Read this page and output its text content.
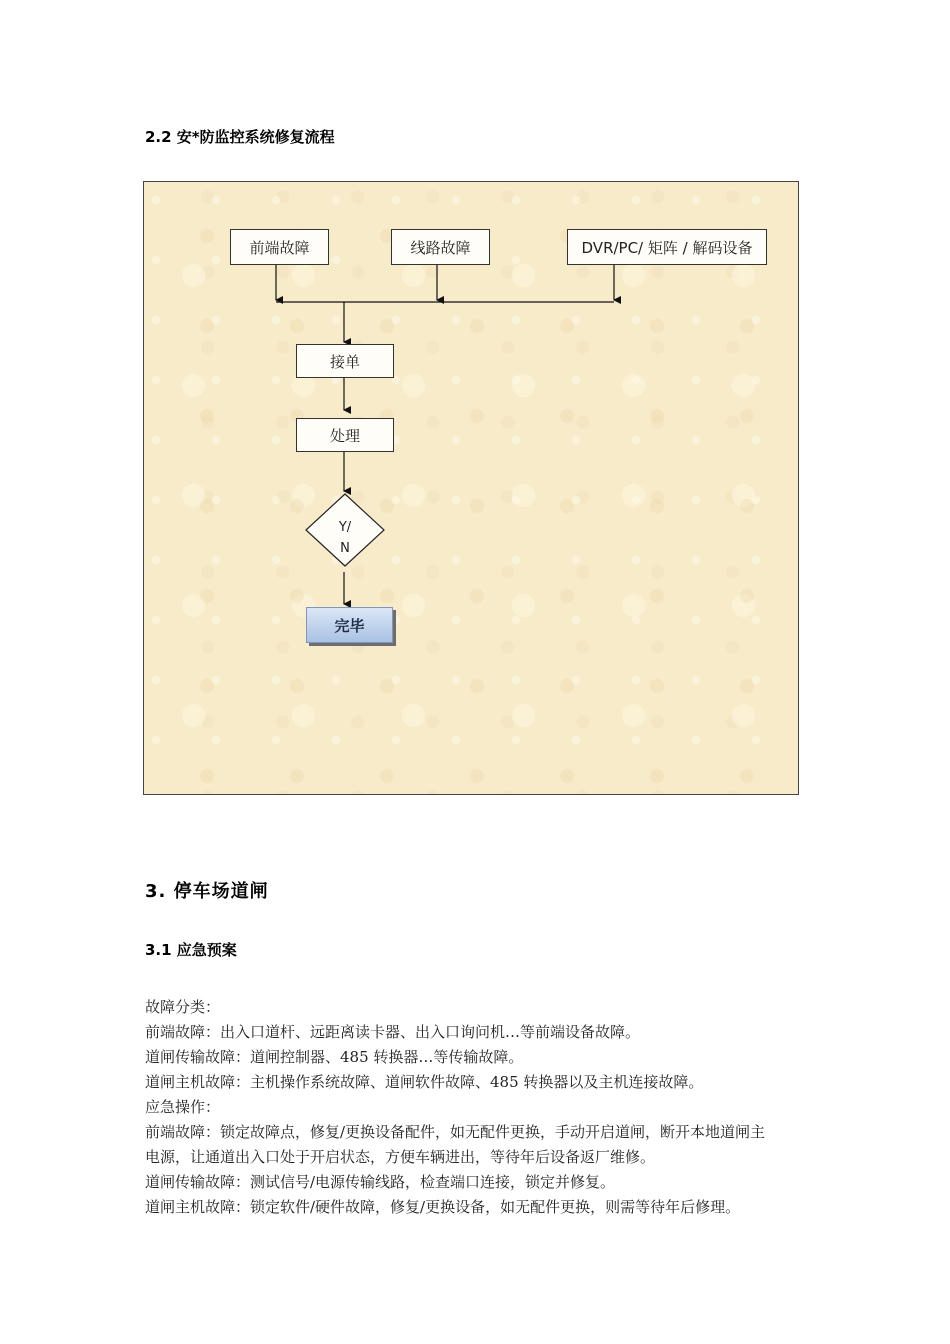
2.2 安*防监控系统修复流程
前端故障	线路故障	DVR/PC/ 矩阵 / 解码设备
接单
处理
Y/
N
完毕
3. 停车场道闸
3.1 应急预案
故障分类：
前端故障：出入口道杆、远距离读卡器、出入口询问机…等前端设备故障。
道闸传输故障：道闸控制器、485 转换器…等传输故障。
道闸主机故障：主机操作系统故障、道闸软件故障、485 转换器以及主机连接故障。
应急操作：
前端故障：锁定故障点，修复/更换设备配件，如无配件更换，手动开启道闸，断开本地道闸主
电源，让通道出入口处于开启状态，方便车辆进出，等待年后设备返厂维修。
道闸传输故障：测试信号/电源传输线路，检查端口连接，锁定并修复。
道闸主机故障：锁定软件/硬件故障，修复/更换设备，如无配件更换，则需等待年后修理。
